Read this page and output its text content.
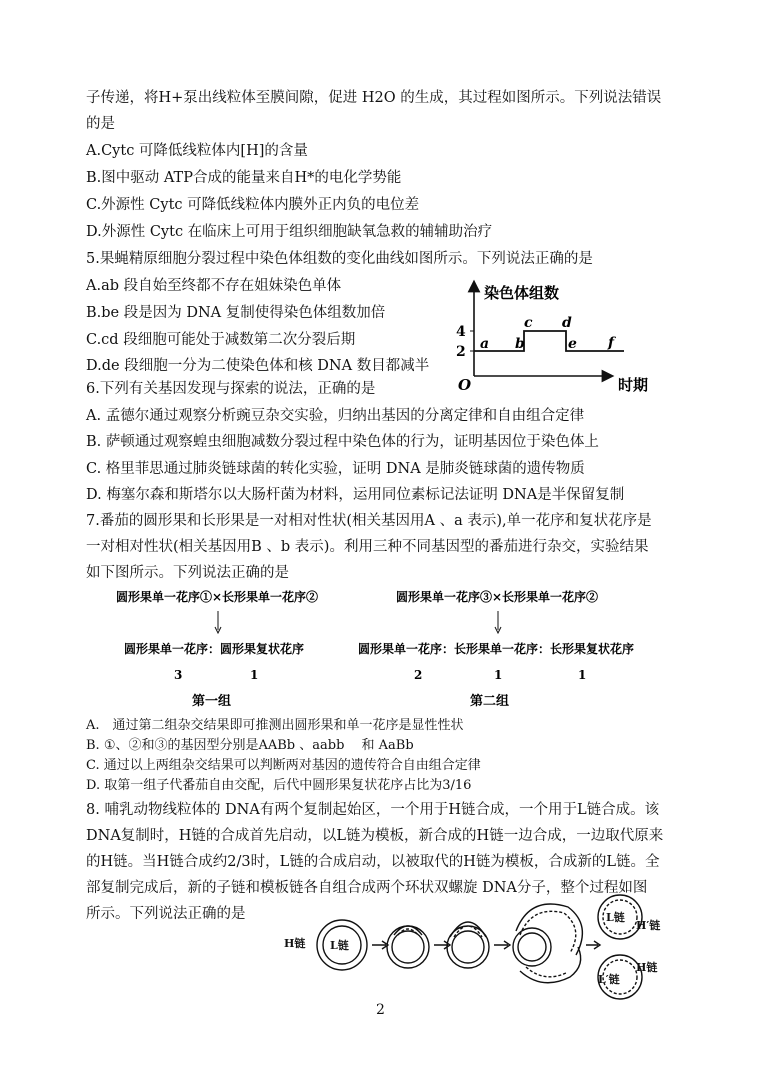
子传递，将H+泵出线粒体至膜间隙，促进 H2O 的生成，其过程如图所示。下列说法错误
的是
A.Cytc 可降低线粒体内[H]的含量
B.图中驱动 ATP合成的能量来自H*的电化学势能
C.外源性 Cytc 可降低线粒体内膜外正内负的电位差
D.外源性 Cytc 在临床上可用于组织细胞缺氧急救的辅辅助治疗
5.果蝇精原细胞分裂过程中染色体组数的变化曲线如图所示。下列说法正确的是
A.ab 段自始至终都不存在姐妹染色单体
B.be 段是因为 DNA 复制使得染色体组数加倍
C.cd 段细胞可能处于减数第二次分裂后期
D.de 段细胞一分为二使染色体和核 DNA 数目都减半
6.下列有关基因发现与探索的说法，正确的是
A. 孟德尔通过观察分析豌豆杂交实验，归纳出基因的分离定律和自由组合定律
B. 萨顿通过观察蝗虫细胞减数分裂过程中染色体的行为，证明基因位于染色体上
C. 格里菲思通过肺炎链球菌的转化实验，证明 DNA 是肺炎链球菌的遗传物质
D. 梅塞尔森和斯塔尔以大肠杆菌为材料，运用同位素标记法证明 DNA是半保留复制
7.番茄的圆形果和长形果是一对相对性状(相关基因用A 、a 表示),单一花序和复状花序是
一对相对性状(相关基因用B 、b 表示)。利用三种不同基因型的番茄进行杂交，实验结果
如下图所示。下列说法正确的是
A.　通过第二组杂交结果即可推测出圆形果和单一花序是显性性状
B. ①、②和③的基因型分别是AABb 、aabb　 和 AaBb
C. 通过以上两组杂交结果可以判断两对基因的遗传符合自由组合定律
D. 取第一组子代番茄自由交配，后代中圆形果复状花序占比为3/16
8. 哺乳动物线粒体的 DNA有两个复制起始区，一个用于H链合成，一个用于L链合成。该
DNA复制时，H链的合成首先启动，以L链为模板，新合成的H链一边合成，一边取代原来
的H链。当H链合成约2/3时，L链的合成启动，以被取代的H链为模板，合成新的L链。全
部复制完成后，新的子链和模板链各自组合成两个环状双螺旋 DNA分子，整个过程如图
所示。下列说法正确的是
染色体组数
时期
O
2
4
a b
c d
e f
圆形果单一花序①×长形果单一花序②
圆形果单一花序：圆形果复状花序
3	1
第一组
圆形果单一花序③×长形果单一花序②
圆形果单一花序：长形果单一花序：长形果复状花序
2	1	1
第二组
H链 L链
L链
H′链
H链
L′链
2
